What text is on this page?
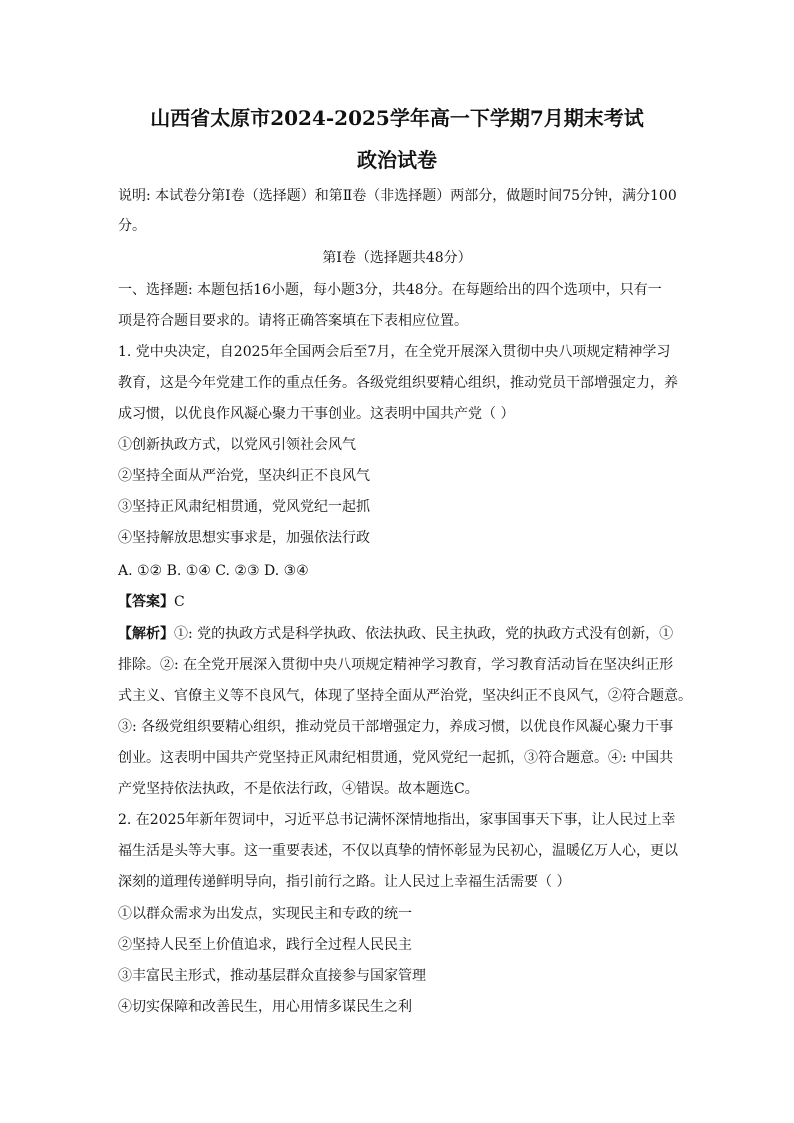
山西省太原市2024-2025学年高一下学期7月期末考试
政治试卷
说明: 本试卷分第Ⅰ卷（选择题）和第Ⅱ卷（非选择题）两部分，做题时间75分钟，满分100
分。
第Ⅰ卷（选择题共48分）
一、选择题: 本题包括16小题，每小题3分，共48分。在每题给出的四个选项中，只有一
项是符合题目要求的。请将正确答案填在下表相应位置。
1. 党中央决定，自2025年全国两会后至7月，在全党开展深入贯彻中央八项规定精神学习
教育，这是今年党建工作的重点任务。各级党组织要精心组织，推动党员干部增强定力，养
成习惯，以优良作风凝心聚力干事创业。这表明中国共产党（ ）
①创新执政方式，以党风引领社会风气
②坚持全面从严治党，坚决纠正不良风气
③坚持正风肃纪相贯通，党风党纪一起抓
④坚持解放思想实事求是，加强依法行政
A. ①② B. ①④ C. ②③ D. ③④
【答案】C
【解析】①: 党的执政方式是科学执政、依法执政、民主执政，党的执政方式没有创新，①
排除。②: 在全党开展深入贯彻中央八项规定精神学习教育，学习教育活动旨在坚决纠正形
式主义、官僚主义等不良风气，体现了坚持全面从严治党，坚决纠正不良风气，②符合题意。
③: 各级党组织要精心组织，推动党员干部增强定力，养成习惯，以优良作风凝心聚力干事
创业。这表明中国共产党坚持正风肃纪相贯通，党风党纪一起抓，③符合题意。④: 中国共
产党坚持依法执政，不是依法行政，④错误。故本题选C。
2. 在2025年新年贺词中，习近平总书记满怀深情地指出，家事国事天下事，让人民过上幸
福生活是头等大事。这一重要表述，不仅以真挚的情怀彰显为民初心，温暖亿万人心，更以
深刻的道理传递鲜明导向，指引前行之路。让人民过上幸福生活需要（ ）
①以群众需求为出发点，实现民主和专政的统一
②坚持人民至上价值追求，践行全过程人民民主
③丰富民主形式，推动基层群众直接参与国家管理
④切实保障和改善民生，用心用情多谋民生之利
